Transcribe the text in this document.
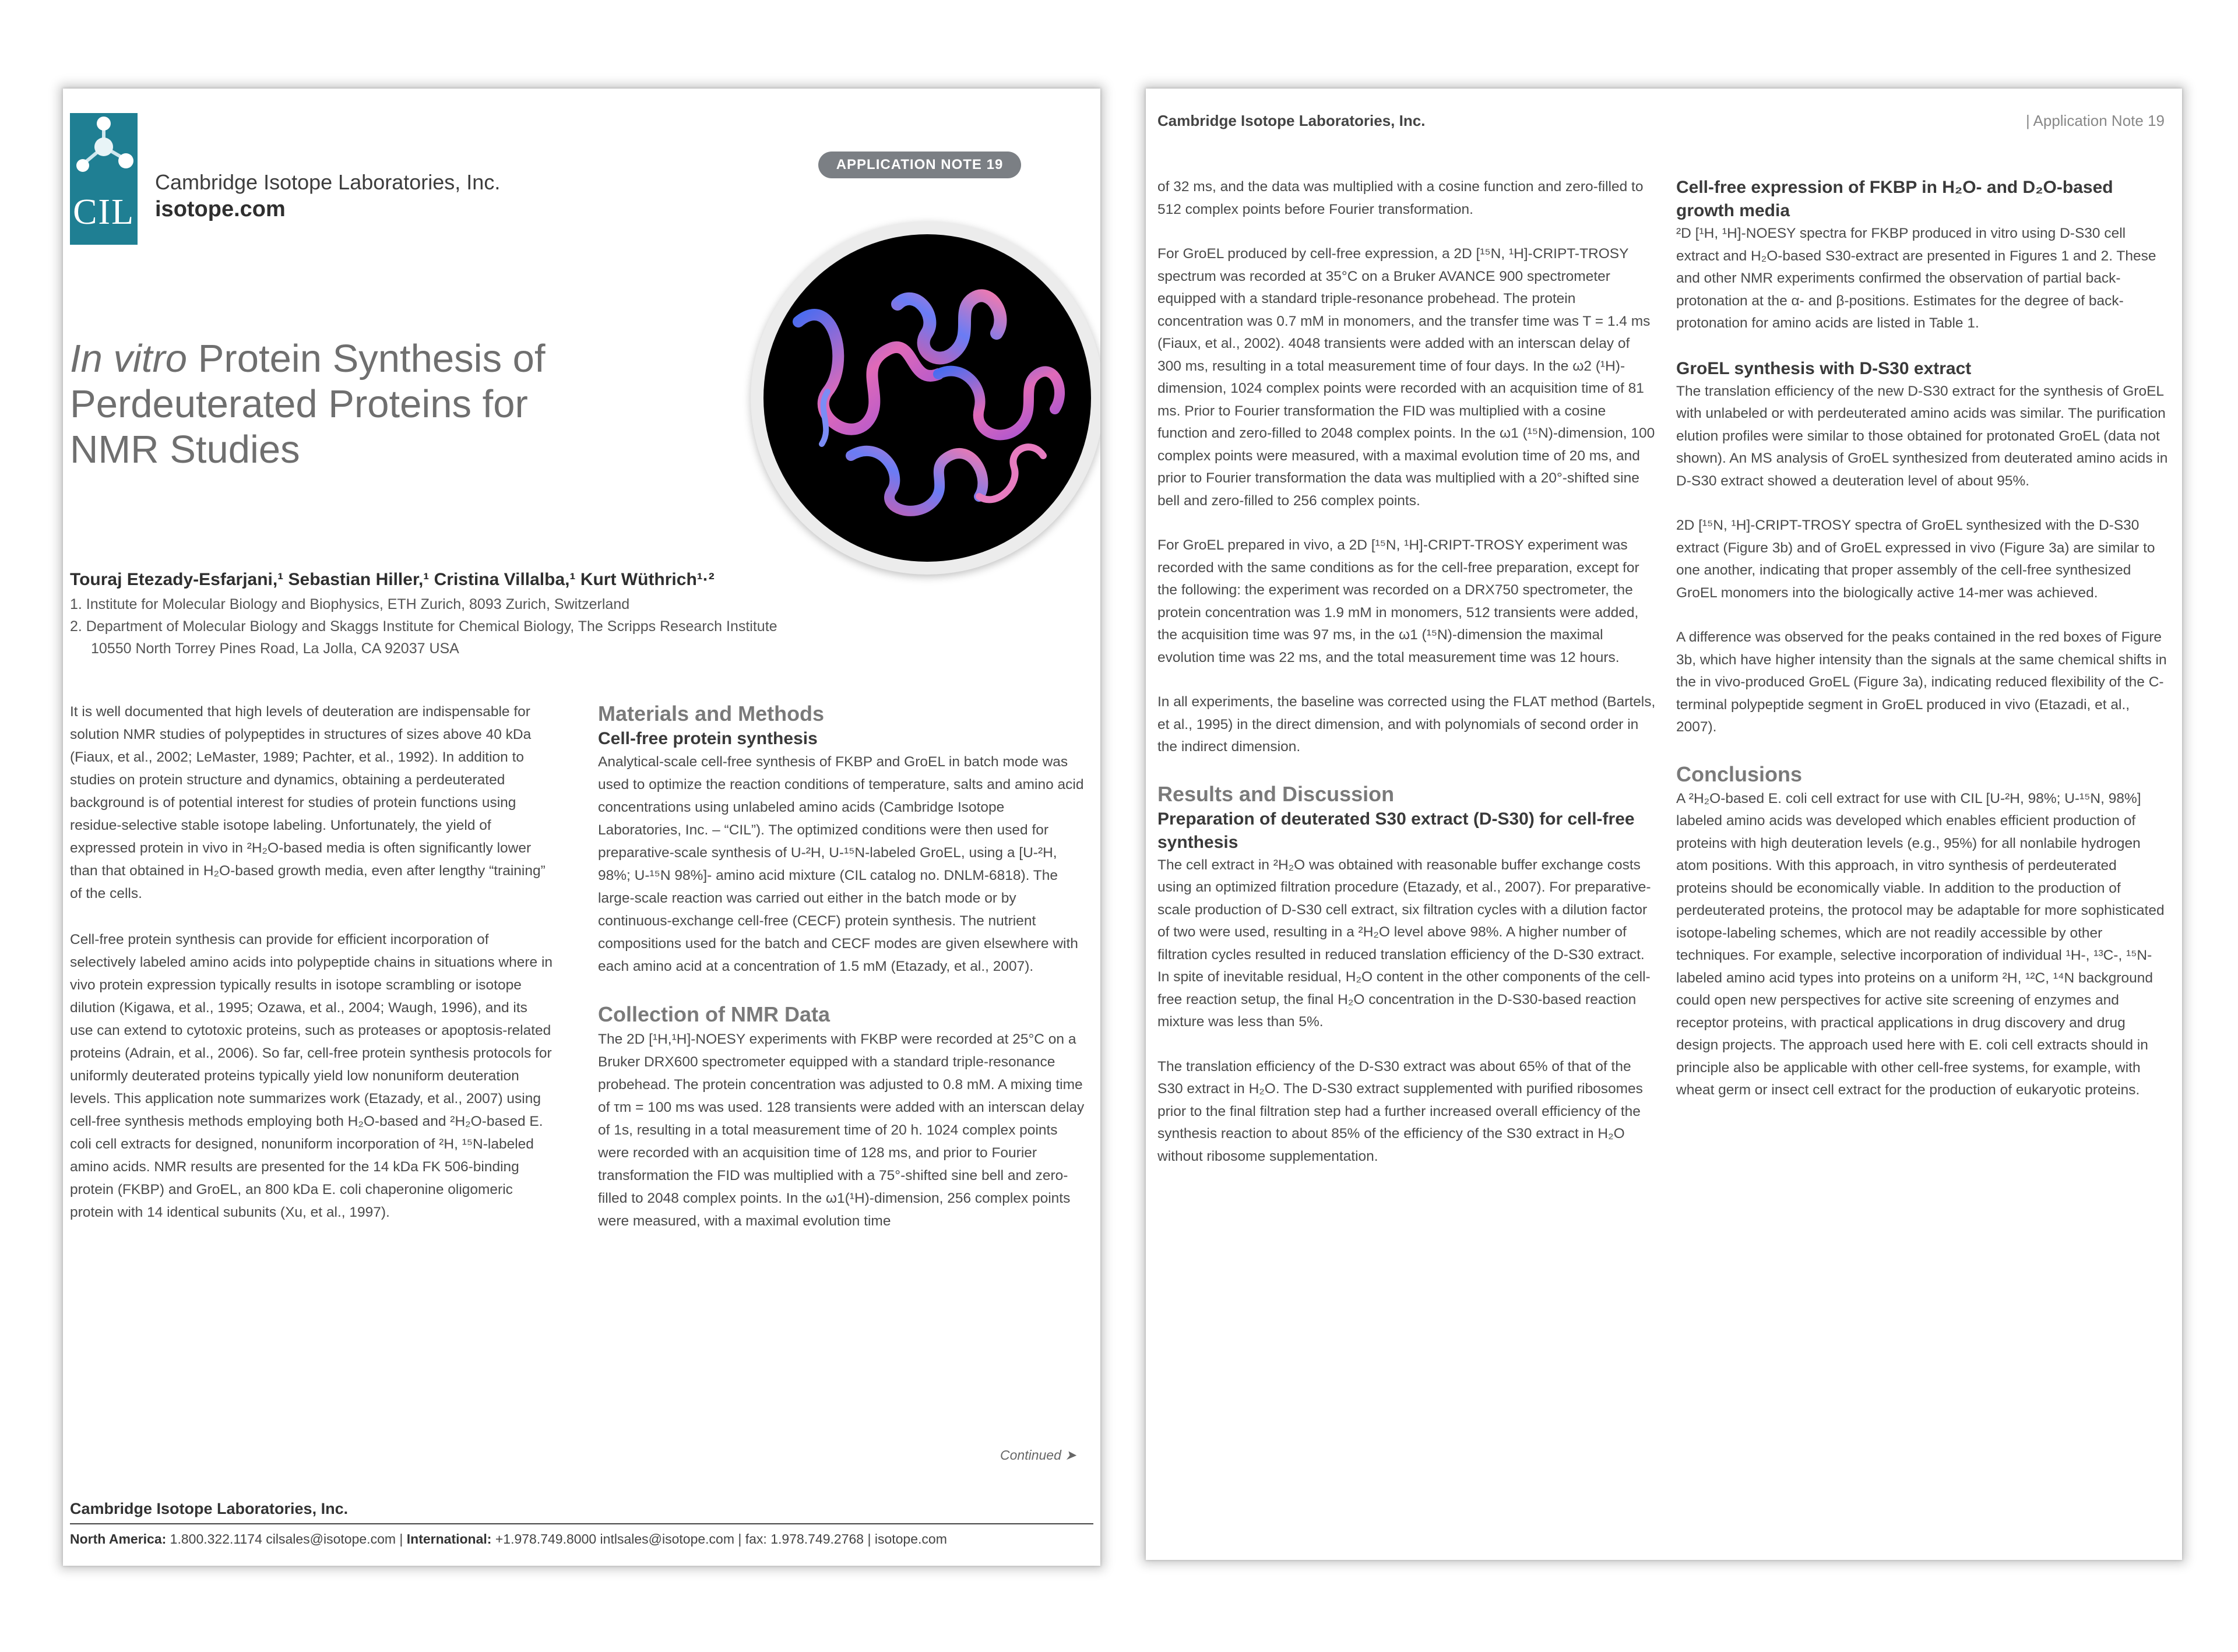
CIL
Cambridge Isotope Laboratories, Inc.
isotope.com
APPLICATION NOTE 19
In vitro Protein Synthesis of Perdeuterated Proteins for NMR Studies
Touraj Etezady-Esfarjani,¹ Sebastian Hiller,¹ Cristina Villalba,¹ Kurt Wüthrich¹·²
1. Institute for Molecular Biology and Biophysics, ETH Zurich, 8093 Zurich, Switzerland
2. Department of Molecular Biology and Skaggs Institute for Chemical Biology, The Scripps Research Institute
10550 North Torrey Pines Road, La Jolla, CA 92037 USA

It is well documented that high levels of deuteration are indispensable for solution NMR studies of polypeptides in structures of sizes above 40 kDa (Fiaux, et al., 2002; LeMaster, 1989; Pachter, et al., 1992). In addition to studies on protein structure and dynamics, obtaining a perdeuterated background is of potential interest for studies of protein functions using residue-selective stable isotope labeling. Unfortunately, the yield of expressed protein in vivo in ²H₂O-based media is often significantly lower than that obtained in H₂O-based growth media, even after lengthy “training” of the cells.

Cell-free protein synthesis can provide for efficient incorporation of selectively labeled amino acids into polypeptide chains in situations where in vivo protein expression typically results in isotope scrambling or isotope dilution (Kigawa, et al., 1995; Ozawa, et al., 2004; Waugh, 1996), and its use can extend to cytotoxic proteins, such as proteases or apoptosis-related proteins (Adrain, et al., 2006). So far, cell-free protein synthesis protocols for uniformly deuterated proteins typically yield low nonuniform deuteration levels. This application note summarizes work (Etazady, et al., 2007) using cell-free synthesis methods employing both H₂O-based and ²H₂O-based E. coli cell extracts for designed, nonuniform incorporation of ²H, ¹⁵N-labeled amino acids. NMR results are presented for the 14 kDa FK 506-binding protein (FKBP) and GroEL, an 800 kDa E. coli chaperonine oligomeric protein with 14 identical subunits (Xu, et al., 1997).

Materials and Methods
Cell-free protein synthesis

Analytical-scale cell-free synthesis of FKBP and GroEL in batch mode was used to optimize the reaction conditions of temperature, salts and amino acid concentrations using unlabeled amino acids (Cambridge Isotope Laboratories, Inc. – “CIL”). The optimized conditions were then used for preparative-scale synthesis of U-²H, U-¹⁵N-labeled GroEL, using a [U-²H, 98%; U-¹⁵N 98%]- amino acid mixture (CIL catalog no. DNLM-6818). The large-scale reaction was carried out either in the batch mode or by continuous-exchange cell-free (CECF) protein synthesis. The nutrient compositions used for the batch and CECF modes are given elsewhere with each amino acid at a concentration of 1.5 mM (Etazady, et al., 2007).

Collection of NMR Data

The 2D [¹H,¹H]-NOESY experiments with FKBP were recorded at 25°C on a Bruker DRX600 spectrometer equipped with a standard triple-resonance probehead. The protein concentration was adjusted to 0.8 mM. A mixing time of τm = 100 ms was used. 128 transients were added with an interscan delay of 1s, resulting in a total measurement time of 20 h. 1024 complex points were recorded with an acquisition time of 128 ms, and prior to Fourier transformation the FID was multiplied with a 75°-shifted sine bell and zero-filled to 2048 complex points. In the ω1(¹H)-dimension, 256 complex points were measured, with a maximal evolution time

Continued ➤
Cambridge Isotope Laboratories, Inc.
North America: 1.800.322.1174 cilsales@isotope.com | International: +1.978.749.8000 intlsales@isotope.com | fax: 1.978.749.2768 | isotope.com
Cambridge Isotope Laboratories, Inc.	| Application Note 19

of 32 ms, and the data was multiplied with a cosine function and zero-filled to 512 complex points before Fourier transformation.

For GroEL produced by cell-free expression, a 2D [¹⁵N, ¹H]-CRIPT-TROSY spectrum was recorded at 35°C on a Bruker AVANCE 900 spectrometer equipped with a standard triple-resonance probehead. The protein concentration was 0.7 mM in monomers, and the transfer time was T = 1.4 ms (Fiaux, et al., 2002). 4048 transients were added with an interscan delay of 300 ms, resulting in a total measurement time of four days. In the ω2 (¹H)-dimension, 1024 complex points were recorded with an acquisition time of 81 ms. Prior to Fourier transformation the FID was multiplied with a cosine function and zero-filled to 2048 complex points. In the ω1 (¹⁵N)-dimension, 100 complex points were measured, with a maximal evolution time of 20 ms, and prior to Fourier transformation the data was multiplied with a 20°-shifted sine bell and zero-filled to 256 complex points.

For GroEL prepared in vivo, a 2D [¹⁵N, ¹H]-CRIPT-TROSY experiment was recorded with the same conditions as for the cell-free preparation, except for the following: the experiment was recorded on a DRX750 spectrometer, the protein concentration was 1.9 mM in monomers, 512 transients were added, the acquisition time was 97 ms, in the ω1 (¹⁵N)-dimension the maximal evolution time was 22 ms, and the total measurement time was 12 hours.

In all experiments, the baseline was corrected using the FLAT method (Bartels, et al., 1995) in the direct dimension, and with polynomials of second order in the indirect dimension.

Results and Discussion
Preparation of deuterated S30 extract (D-S30) for cell-free synthesis

The cell extract in ²H₂O was obtained with reasonable buffer exchange costs using an optimized filtration procedure (Etazady, et al., 2007). For preparative-scale production of D-S30 cell extract, six filtration cycles with a dilution factor of two were used, resulting in a ²H₂O level above 98%. A higher number of filtration cycles resulted in reduced translation efficiency of the D-S30 extract. In spite of inevitable residual, H₂O content in the other components of the cell-free reaction setup, the final H₂O concentration in the D-S30-based reaction mixture was less than 5%.

The translation efficiency of the D-S30 extract was about 65% of that of the S30 extract in H₂O. The D-S30 extract supplemented with purified ribosomes prior to the final filtration step had a further increased overall efficiency of the synthesis reaction to about 85% of the efficiency of the S30 extract in H₂O without ribosome supplementation.

Cell-free expression of FKBP in H₂O- and D₂O-based growth media

²D [¹H, ¹H]-NOESY spectra for FKBP produced in vitro using D-S30 cell extract and H₂O-based S30-extract are presented in Figures 1 and 2. These and other NMR experiments confirmed the observation of partial back-protonation at the α- and β-positions. Estimates for the degree of back-protonation for amino acids are listed in Table 1.

GroEL synthesis with D-S30 extract

The translation efficiency of the new D-S30 extract for the synthesis of GroEL with unlabeled or with perdeuterated amino acids was similar. The purification elution profiles were similar to those obtained for protonated GroEL (data not shown). An MS analysis of GroEL synthesized from deuterated amino acids in D-S30 extract showed a deuteration level of about 95%.

2D [¹⁵N, ¹H]-CRIPT-TROSY spectra of GroEL synthesized with the D-S30 extract (Figure 3b) and of GroEL expressed in vivo (Figure 3a) are similar to one another, indicating that proper assembly of the cell-free synthesized GroEL monomers into the biologically active 14-mer was achieved.

A difference was observed for the peaks contained in the red boxes of Figure 3b, which have higher intensity than the signals at the same chemical shifts in the in vivo-produced GroEL (Figure 3a), indicating reduced flexibility of the C-terminal polypeptide segment in GroEL produced in vivo (Etazadi, et al., 2007).

Conclusions

A ²H₂O-based E. coli cell extract for use with CIL [U-²H, 98%; U-¹⁵N, 98%] labeled amino acids was developed which enables efficient production of proteins with high deuteration levels (e.g., 95%) for all nonlabile hydrogen atom positions. With this approach, in vitro synthesis of perdeuterated proteins should be economically viable. In addition to the production of perdeuterated proteins, the protocol may be adaptable for more sophisticated isotope-labeling schemes, which are not readily accessible by other techniques. For example, selective incorporation of individual ¹H-, ¹³C-, ¹⁵N-labeled amino acid types into proteins on a uniform ²H, ¹²C, ¹⁴N background could open new perspectives for active site screening of enzymes and receptor proteins, with practical applications in drug discovery and drug design projects. The approach used here with E. coli cell extracts should in principle also be applicable with other cell-free systems, for example, with wheat germ or insect cell extract for the production of eukaryotic proteins.
